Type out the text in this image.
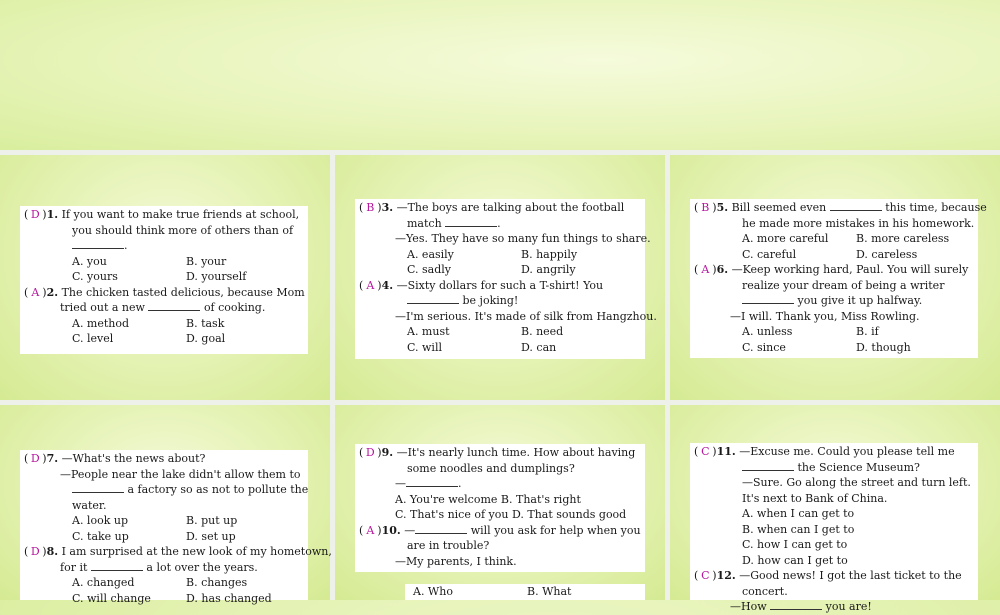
( D )1. If you want to make true friends at school,
you should think more of others than of
.
A. you	B. your
C. yours	D. yourself
( A )2. The chicken tasted delicious, because Mom
tried out a new	of cooking.
A. method	B. task
C. level	D. goal
( B )3. —The boys are talking about the football
match	.
—Yes. They have so many fun things to share.
A. easily	B. happily
C. sadly	D. angrily
( A )4. —Sixty dollars for such a T-shirt! You
be joking!
—I'm serious. It's made of silk from Hangzhou.
A. must	B. need
C. will	D. can
( B )5. Bill seemed even	this time, because
he made more mistakes in his homework.
A. more careful	B. more careless
C. careful	D. careless
( A )6. —Keep working hard, Paul. You will surely
realize your dream of being a writer
you give it up halfway.
—I will. Thank you, Miss Rowling.
A. unless	B. if
C. since	D. though
( D )7. —What's the news about?
—People near the lake didn't allow them to
a factory so as not to pollute the
water.
A. look up	B. put up
C. take up	D. set up
( D )8. I am surprised at the new look of my hometown,
for it	a lot over the years.
A. changed	B. changes
C. will change	D. has changed
( D )9. —It's nearly lunch time. How about having
some noodles and dumplings?
—	.
A. You're welcome B. That's right
C. That's nice of you D. That sounds good
( A )10. —	will you ask for help when you
are in trouble?
—My parents, I think.
A. Who	B. What
( C )11. —Excuse me. Could you please tell me
the Science Museum?
—Sure. Go along the street and turn left.
It's next to Bank of China.
A. when I can get to
B. when can I get to
C. how I can get to
D. how can I get to
( C )12. —Good news! I got the last ticket to the
concert.
—How	you are!
